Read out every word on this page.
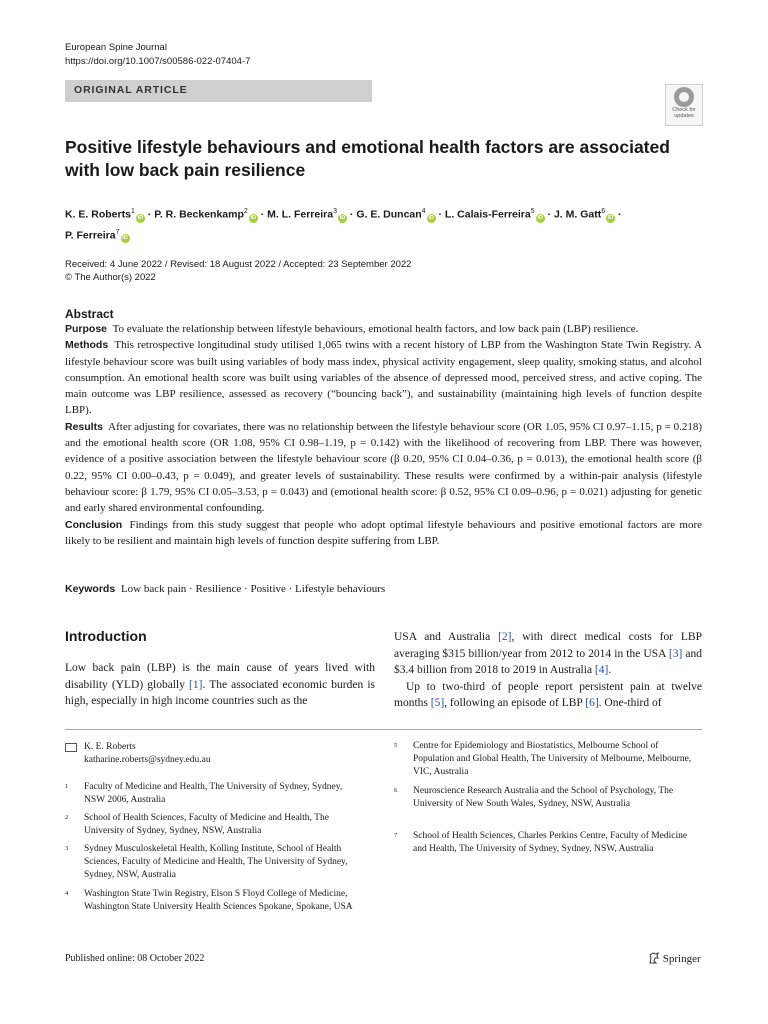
European Spine Journal
https://doi.org/10.1007/s00586-022-07404-7
ORIGINAL ARTICLE
Check for
updates
Positive lifestyle behaviours and emotional health factors are associated with low back pain resilience
K. E. Roberts$^1$iD · P. R. Beckenkamp$^2$iD · M. L. Ferreira$^3$iD · G. E. Duncan$^4$iD · L. Calais-Ferreira$^5$iD · J. M. Gatt$^6$iD ·
P. Ferreira$^7$iD
Received: 4 June 2022 / Revised: 18 August 2022 / Accepted: 23 September 2022
© The Author(s) 2022
Abstract

Purpose To evaluate the relationship between lifestyle behaviours, emotional health factors, and low back pain (LBP) resilience.

Methods This retrospective longitudinal study utilised 1,065 twins with a recent history of LBP from the Washington State Twin Registry. A lifestyle behaviour score was built using variables of body mass index, physical activity engagement, sleep quality, smoking status, and alcohol consumption. An emotional health score was built using variables of the absence of depressed mood, perceived stress, and active coping. The main outcome was LBP resilience, assessed as recovery (“bouncing back”), and sustainability (maintaining high levels of function despite LBP).

Results After adjusting for covariates, there was no relationship between the lifestyle behaviour score (OR 1.05, 95% CI 0.97–1.15, p = 0.218) and the emotional health score (OR 1.08, 95% CI 0.98–1.19, p = 0.142) with the likelihood of recovering from LBP. There was however, evidence of a positive association between the lifestyle behaviour score (β 0.20, 95% CI 0.04–0.36, p = 0.013), the emotional health score (β 0.22, 95% CI 0.00–0.43, p = 0.049), and greater levels of sustainability. These results were confirmed by a within-pair analysis (lifestyle behaviour score: β 1.79, 95% CI 0.05–3.53, p = 0.043) and (emotional health score: β 0.52, 95% CI 0.09–0.96, p = 0.021) adjusting for genetic and early shared environmental confounding.

Conclusion Findings from this study suggest that people who adopt optimal lifestyle behaviours and positive emotional factors are more likely to be resilient and maintain high levels of function despite suffering from LBP.

Keywords Low back pain · Resilience · Positive · Lifestyle behaviours
Introduction

Low back pain (LBP) is the main cause of years lived with disability (YLD) globally [1]. The associated economic burden is high, especially in high income countries such as the

USA and Australia [2], with direct medical costs for LBP averaging $315 billion/year from 2012 to 2014 in the USA [3] and $3.4 billion from 2018 to 2019 in Australia [4].

Up to two-third of people report persistent pain at twelve months [5], following an episode of LBP [6]. One-third of

K. E. Roberts
katharine.roberts@sydney.edu.au
1 Faculty of Medicine and Health, The University of Sydney, Sydney, NSW 2006, Australia
2 School of Health Sciences, Faculty of Medicine and Health, The University of Sydney, Sydney, NSW, Australia
3 Sydney Musculoskeletal Health, Kolling Institute, School of Health Sciences, Faculty of Medicine and Health, The University of Sydney, Sydney, NSW, Australia
4 Washington State Twin Registry, Elson S Floyd College of Medicine, Washington State University Health Sciences Spokane, Spokane, USA
5 Centre for Epidemiology and Biostatistics, Melbourne School of Population and Global Health, The University of Melbourne, Melbourne, VIC, Australia
6 Neuroscience Research Australia and the School of Psychology, The University of New South Wales, Sydney, NSW, Australia
7 School of Health Sciences, Charles Perkins Centre, Faculty of Medicine and Health, The University of Sydney, Sydney, NSW, Australia
Published online: 08 October 2022	Springer
